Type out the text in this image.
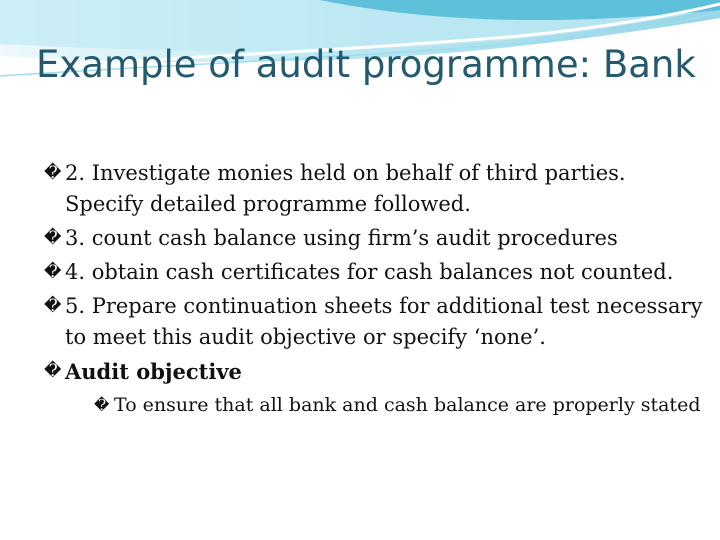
Example of audit programme: Bank
� 2. Investigate monies held on behalf of third parties. Specify detailed programme followed.
� 3. count cash balance using firm’s audit procedures
� 4. obtain cash certificates for cash balances not counted.
� 5. Prepare continuation sheets for additional test necessary to meet this audit objective or specify ‘none’.
� Audit objective
� To ensure that all bank and cash balance are properly stated
